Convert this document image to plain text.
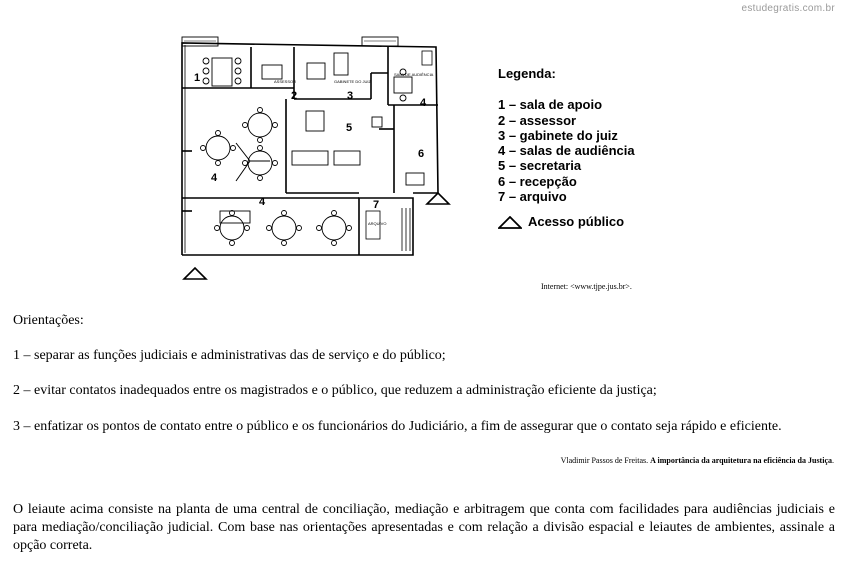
estudegratis.com.br
1
2	3
4
5
6
4
4	7
ASSESSOR	GABINETE DO JUIZ
SALA DE AUDIÊNCIA
ARQUIVO
Legenda:
1 – sala de apoio
2 – assessor
3 – gabinete do juiz
4 – salas de audiência
5 – secretaria
6 – recepção
7 – arquivo
Acesso público
Internet: <www.tjpe.jus.br>.
Orientações:
1 – separar as funções judiciais e administrativas das de serviço e do público;
2 – evitar contatos inadequados entre os magistrados e o público, que reduzem a administração eficiente da justiça;
3 – enfatizar os pontos de contato entre o público e os funcionários do Judiciário, a fim de assegurar que o contato seja rápido e eficiente.
Vladimir Passos de Freitas. A importância da arquitetura na eficiência da Justiça.
O leiaute acima consiste na planta de uma central de conciliação, mediação e arbitragem que conta com facilidades para audiências judiciais e para mediação/conciliação judicial. Com base nas orientações apresentadas e com relação a divisão espacial e leiautes de ambientes, assinale a opção correta.
